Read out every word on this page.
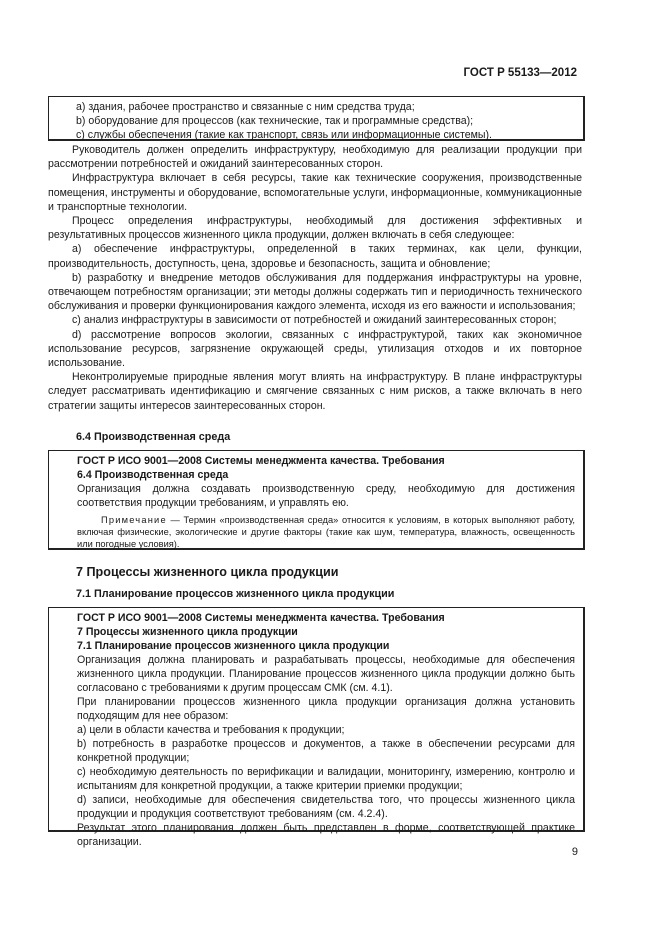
ГОСТ Р 55133—2012

a) здания, рабочее пространство и связанные с ним средства труда;

b) оборудование для процессов (как технические, так и программные средства);

c) службы обеспечения (такие как транспорт, связь или информационные системы).

Руководитель должен определить инфраструктуру, необходимую для реализации продукции при рассмотрении потребностей и ожиданий заинтересованных сторон.

Инфраструктура включает в себя ресурсы, такие как технические сооружения, производственные помещения, инструменты и оборудование, вспомогательные услуги, информационные, коммуникационные и транспортные технологии.

Процесс определения инфраструктуры, необходимый для достижения эффективных и результативных процессов жизненного цикла продукции, должен включать в себя следующее:

а) обеспечение инфраструктуры, определенной в таких терминах, как цели, функции, производительность, доступность, цена, здоровье и безопасность, защита и обновление;

b) разработку и внедрение методов обслуживания для поддержания инфраструктуры на уровне, отвечающем потребностям организации; эти методы должны содержать тип и периодичность технического обслуживания и проверки функционирования каждого элемента, исходя из его важности и использования;

c) анализ инфраструктуры в зависимости от потребностей и ожиданий заинтересованных сторон;

d) рассмотрение вопросов экологии, связанных с инфраструктурой, таких как экономичное использование ресурсов, загрязнение окружающей среды, утилизация отходов и их повторное использование.

Неконтролируемые природные явления могут влиять на инфраструктуру. В плане инфраструктуры следует рассматривать идентификацию и смягчение связанных с ним рисков, а также включать в него стратегии защиты интересов заинтересованных сторон.

6.4 Производственная среда

ГОСТ Р ИСО 9001—2008 Системы менеджмента качества. Требования

6.4 Производственная среда

Организация должна создавать производственную среду, необходимую для достижения соответствия продукции требованиям, и управлять ею.

Примечание — Термин «производственная среда» относится к условиям, в которых выполняют работу, включая физические, экологические и другие факторы (такие как шум, температура, влажность, освещенность или погодные условия).

7 Процессы жизненного цикла продукции
7.1 Планирование процессов жизненного цикла продукции

ГОСТ Р ИСО 9001—2008 Системы менеджмента качества. Требования

7 Процессы жизненного цикла продукции

7.1 Планирование процессов жизненного цикла продукции

Организация должна планировать и разрабатывать процессы, необходимые для обеспечения жизненного цикла продукции. Планирование процессов жизненного цикла продукции должно быть согласовано с требованиями к другим процессам СМК (см. 4.1).

При планировании процессов жизненного цикла продукции организация должна установить подходящим для нее образом:

а) цели в области качества и требования к продукции;

b) потребность в разработке процессов и документов, а также в обеспечении ресурсами для конкретной продукции;

c) необходимую деятельность по верификации и валидации, мониторингу, измерению, контролю и испытаниям для конкретной продукции, а также критерии приемки продукции;

d) записи, необходимые для обеспечения свидетельства того, что процессы жизненного цикла продукции и продукция соответствуют требованиям (см. 4.2.4).

Результат этого планирования должен быть представлен в форме, соответствующей практике организации.

9
